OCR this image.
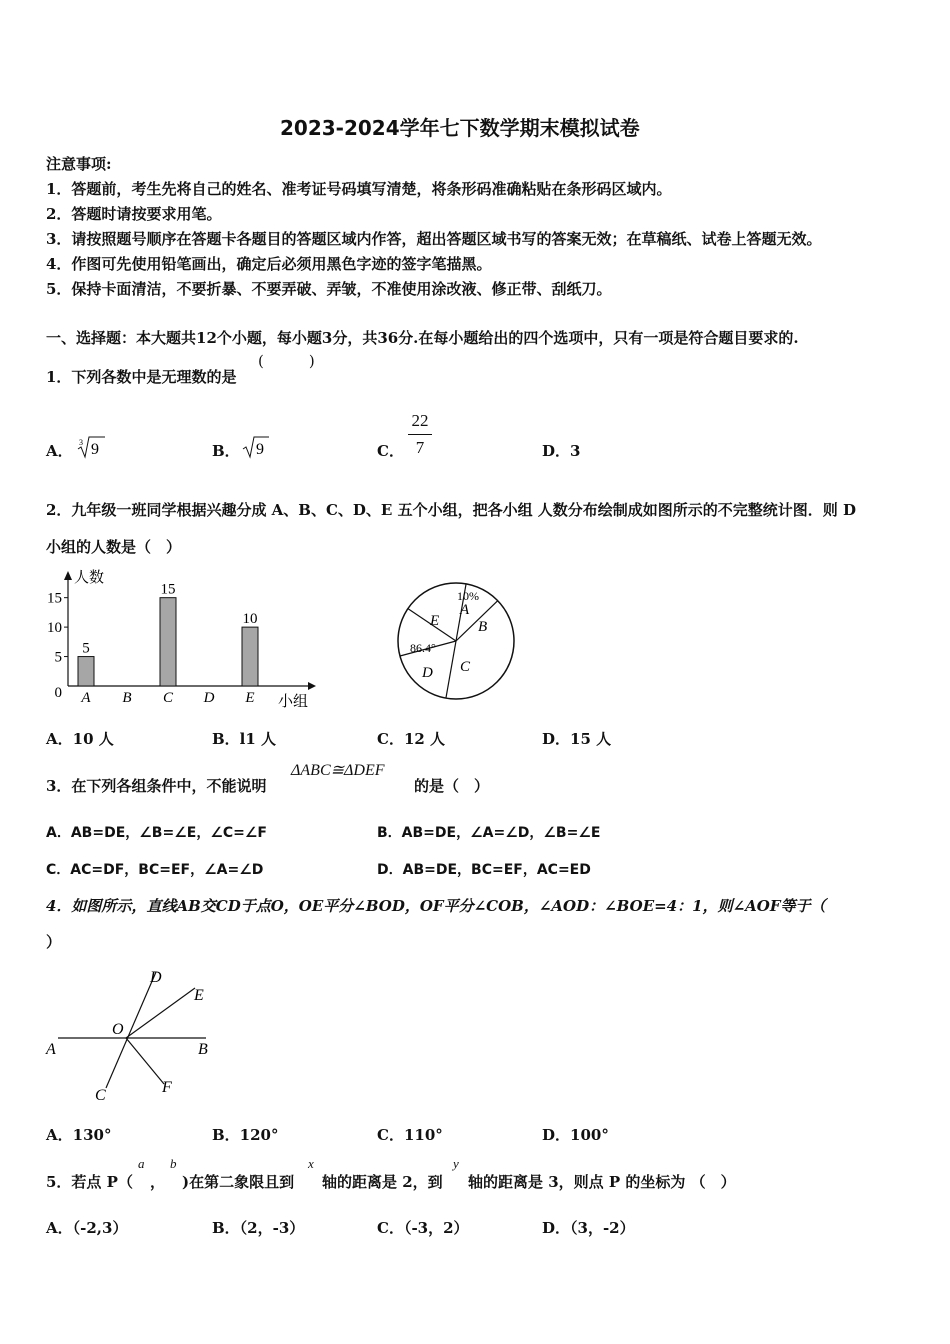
2023-2024学年七下数学期末模拟试卷
注意事项:
1．答题前，考生先将自己的姓名、准考证号码填写清楚，将条形码准确粘贴在条形码区域内。
2．答题时请按要求用笔。
3．请按照题号顺序在答题卡各题目的答题区域内作答，超出答题区域书写的答案无效；在草稿纸、试卷上答题无效。
4．作图可先使用铅笔画出，确定后必须用黑色字迹的签字笔描黑。
5．保持卡面清洁，不要折暴、不要弄破、弄皱，不准使用涂改液、修正带、刮纸刀。
一、选择题：本大题共12个小题，每小题3分，共36分.在每小题给出的四个选项中，只有一项是符合题目要求的.
1．下列各数中是无理数的是
(　　　)
A． 3 9	B． 9	C．
22
7	D．3
2．九年级一班同学根据兴趣分成 A、B、C、D、E 五个小组，把各小组 人数分布绘制成如图所示的不完整统计图．则 D
小组的人数是（　）
人数
小组
15
10
5
0
5
A B
15
C D
10
E
A
B
C
D
E
10%
86.4°
A．10 人	B．l1 人	C．12 人	D．15 人
3．在下列各组条件中，不能说明
ΔABC≅ΔDEF
的是（　）
A．AB=DE，∠B=∠E，∠C=∠F	B．AB=DE，∠A=∠D，∠B=∠E
C．AC=DF，BC=EF，∠A=∠D	D．AB=DE，BC=EF，AC=ED
4．如图所示，直线AB交CD于点O，OE平分∠BOD，OF平分∠COB，∠AOD：∠BOE=4：1，则∠AOF等于（
）
A	B
C
D
E
F
O
A．130°	B．120°	C．110°	D．100°
5．若点 P（
a
，
b
)在第二象限且到
x
轴的距离是 2，到
y
轴的距离是 3，则点 P 的坐标为 （　）
A．（-2,3）	B．（2，-3）	C．（-3，2）	D．（3，-2）
